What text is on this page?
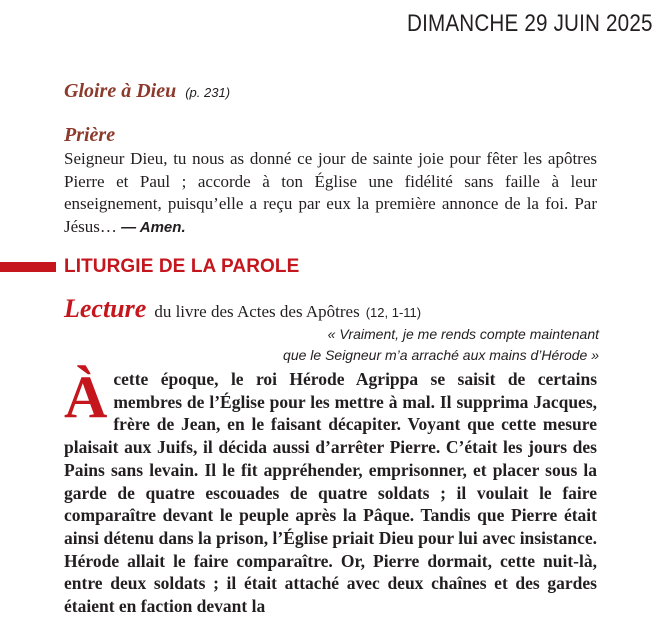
DIMANCHE 29 JUIN 2025
Gloire à Dieu (p. 231)
Prière
Seigneur Dieu, tu nous as donné ce jour de sainte joie pour fêter les apôtres Pierre et Paul ; accorde à ton Église une fidélité sans faille à leur enseignement, puisqu’elle a reçu par eux la première annonce de la foi. Par Jésus… — Amen.
LITURGIE DE LA PAROLE
Lecture du livre des Actes des Apôtres (12, 1-11)
« Vraiment, je me rends compte maintenant
que le Seigneur m’a arraché aux mains d’Hérode »
Àcette époque, le roi Hérode Agrippa se saisit de certains membres de l’Église pour les mettre à mal. Il supprima Jacques, frère de Jean, en le faisant décapiter. Voyant que cette mesure plaisait aux Juifs, il décida aussi d’arrêter Pierre. C’était les jours des Pains sans levain. Il le fit appréhender, emprisonner, et placer sous la garde de quatre escouades de quatre soldats ; il voulait le faire comparaître devant le peuple après la Pâque. Tandis que Pierre était ainsi détenu dans la prison, l’Église priait Dieu pour lui avec insistance. Hérode allait le faire comparaître. Or, Pierre dormait, cette nuit-là, entre deux soldats ; il était attaché avec deux chaînes et des gardes étaient en faction devant la
